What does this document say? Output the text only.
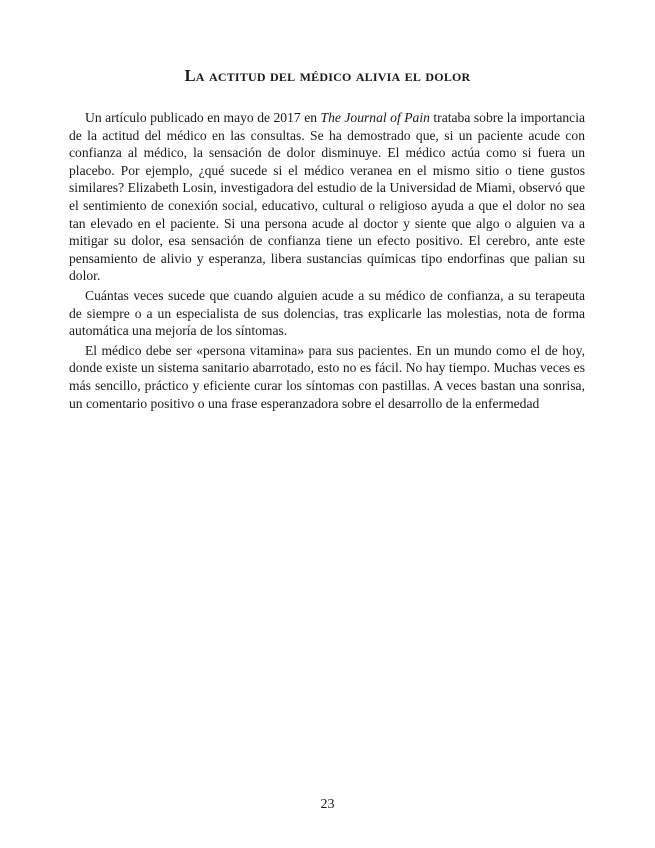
La actitud del médico alivia el dolor

Un artículo publicado en mayo de 2017 en The Journal of Pain trataba sobre la importancia de la actitud del médico en las consultas. Se ha demostrado que, si un paciente acude con confianza al médico, la sensación de dolor disminuye. El médico actúa como si fuera un placebo. Por ejemplo, ¿qué sucede si el médico veranea en el mismo sitio o tiene gustos similares? Elizabeth Losin, investigadora del estudio de la Universidad de Miami, observó que el sentimiento de conexión social, educativo, cultural o religioso ayuda a que el dolor no sea tan elevado en el paciente. Si una persona acude al doctor y siente que algo o alguien va a mitigar su dolor, esa sensación de confianza tiene un efecto positivo. El cerebro, ante este pensamiento de alivio y esperanza, libera sustancias químicas tipo endorfinas que palian su dolor.

Cuántas veces sucede que cuando alguien acude a su médico de confianza, a su terapeuta de siempre o a un especialista de sus dolencias, tras explicarle las molestias, nota de forma automática una mejoría de los síntomas.

El médico debe ser «persona vitamina» para sus pacientes. En un mundo como el de hoy, donde existe un sistema sanitario abarrotado, esto no es fácil. No hay tiempo. Muchas veces es más sencillo, práctico y eficiente curar los síntomas con pastillas. A veces bastan una sonrisa, un comentario positivo o una frase esperanzadora sobre el desarrollo de la enfermedad

23
